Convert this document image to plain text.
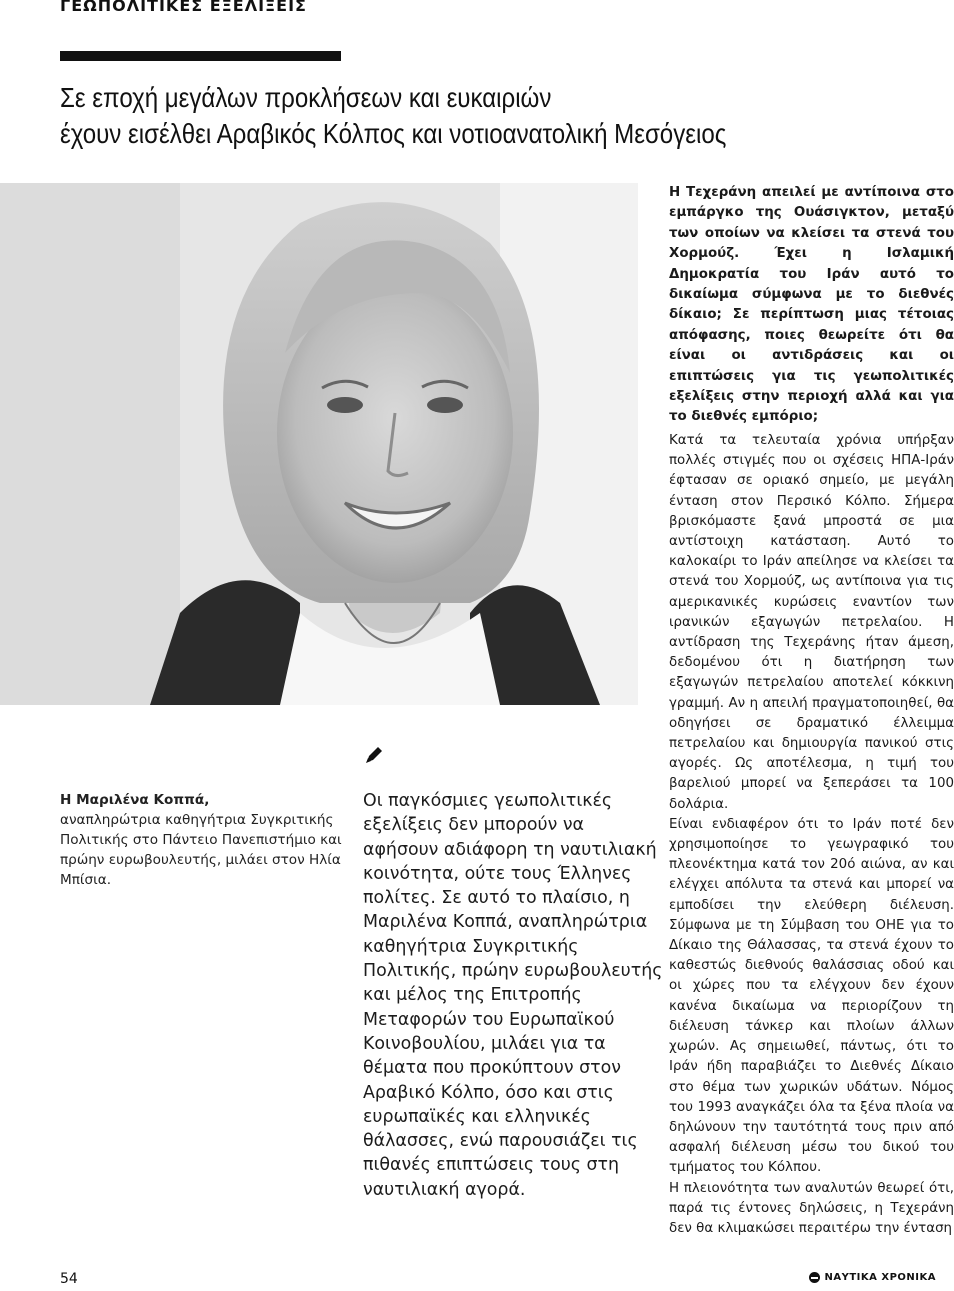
ΓΕΩΠΟΛΙΤΙΚΕΣ ΕΞΕΛΙΞΕΙΣ
Σε εποχή μεγάλων προκλήσεων και ευκαιριών
έχουν εισέλθει Αραβικός Κόλπος και νοτιοανατολική Μεσόγειος

Η Μαριλένα Κοππά,
αναπληρώτρια καθηγήτρια Συγκριτικής Πολιτικής στο Πάντειο Πανεπιστήμιο και πρώην ευρωβουλευτής, μιλάει στον Ηλία Μπίσια.

Οι παγκόσμιες γεωπολιτικές εξελίξεις δεν μπορούν να αφήσουν αδιάφορη τη ναυτιλιακή κοινότητα, ούτε τους Έλληνες πολίτες. Σε αυτό το πλαίσιο, η Μαριλένα Κοππά, αναπληρώτρια καθηγήτρια Συγκριτικής Πολιτικής, πρώην ευρωβουλευτής και μέλος της Επιτροπής Μεταφορών του Ευρωπαϊκού Κοινοβουλίου, μιλάει για τα θέματα που προκύπτουν στον Αραβικό Κόλπο, όσο και στις ευρωπαϊκές και ελληνικές θάλασσες, ενώ παρουσιάζει τις πιθανές επιπτώσεις τους στη ναυτιλιακή αγορά.

Η Τεχεράνη απειλεί με αντίποινα στο εμπάργκο της Ουάσιγκτον, μεταξύ των οποίων να κλείσει τα στενά του Χορμούζ. Έχει η Ισλαμική Δημοκρατία του Ιράν αυτό το δικαίωμα σύμφωνα με το διεθνές δίκαιο; Σε περίπτωση μιας τέτοιας απόφασης, ποιες θεωρείτε ότι θα είναι οι αντιδράσεις και οι επιπτώσεις για τις γεωπολιτικές εξελίξεις στην περιοχή αλλά και για το διεθνές εμπόριο;

Κατά τα τελευταία χρόνια υπήρξαν πολλές στιγμές που οι σχέσεις ΗΠΑ-Ιράν έφτασαν σε οριακό σημείο, με μεγάλη ένταση στον Περσικό Κόλπο. Σήμερα βρισκόμαστε ξανά μπροστά σε μια αντίστοιχη κατάσταση. Αυτό το καλοκαίρι το Ιράν απείλησε να κλείσει τα στενά του Χορμούζ, ως αντίποινα για τις αμερικανικές κυρώσεις εναντίον των ιρανικών εξαγωγών πετρελαίου. Η αντίδραση της Τεχεράνης ήταν άμεση, δεδομένου ότι η διατήρηση των εξαγωγών πετρελαίου αποτελεί κόκκινη γραμμή. Αν η απειλή πραγματοποιηθεί, θα οδηγήσει σε δραματικό έλλειμμα πετρελαίου και δημιουργία πανικού στις αγορές. Ως αποτέλεσμα, η τιμή του βαρελιού μπορεί να ξεπεράσει τα 100 δολάρια.

Είναι ενδιαφέρον ότι το Ιράν ποτέ δεν χρησιμοποίησε το γεωγραφικό του πλεονέκτημα κατά τον 20ό αιώνα, αν και ελέγχει απόλυτα τα στενά και μπορεί να εμποδίσει την ελεύθερη διέλευση. Σύμφωνα με τη Σύμβαση του ΟΗΕ για το Δίκαιο της Θάλασσας, τα στενά έχουν το καθεστώς διεθνούς θαλάσσιας οδού και οι χώρες που τα ελέγχουν δεν έχουν κανένα δικαίωμα να περιορίζουν τη διέλευση τάνκερ και πλοίων άλλων χωρών. Ας σημειωθεί, πάντως, ότι το Ιράν ήδη παραβιάζει το Διεθνές Δίκαιο στο θέμα των χωρικών υδάτων. Νόμος του 1993 αναγκάζει όλα τα ξένα πλοία να δηλώνουν την ταυτότητά τους πριν από ασφαλή διέλευση μέσω του δικού του τμήματος του Κόλπου.

Η πλειονότητα των αναλυτών θεωρεί ότι, παρά τις έντονες δηλώσεις, η Τεχεράνη δεν θα κλιμακώσει περαιτέρω την ένταση

54	ΝΑΥΤΙΚΑ ΧΡΟΝΙΚΑ
